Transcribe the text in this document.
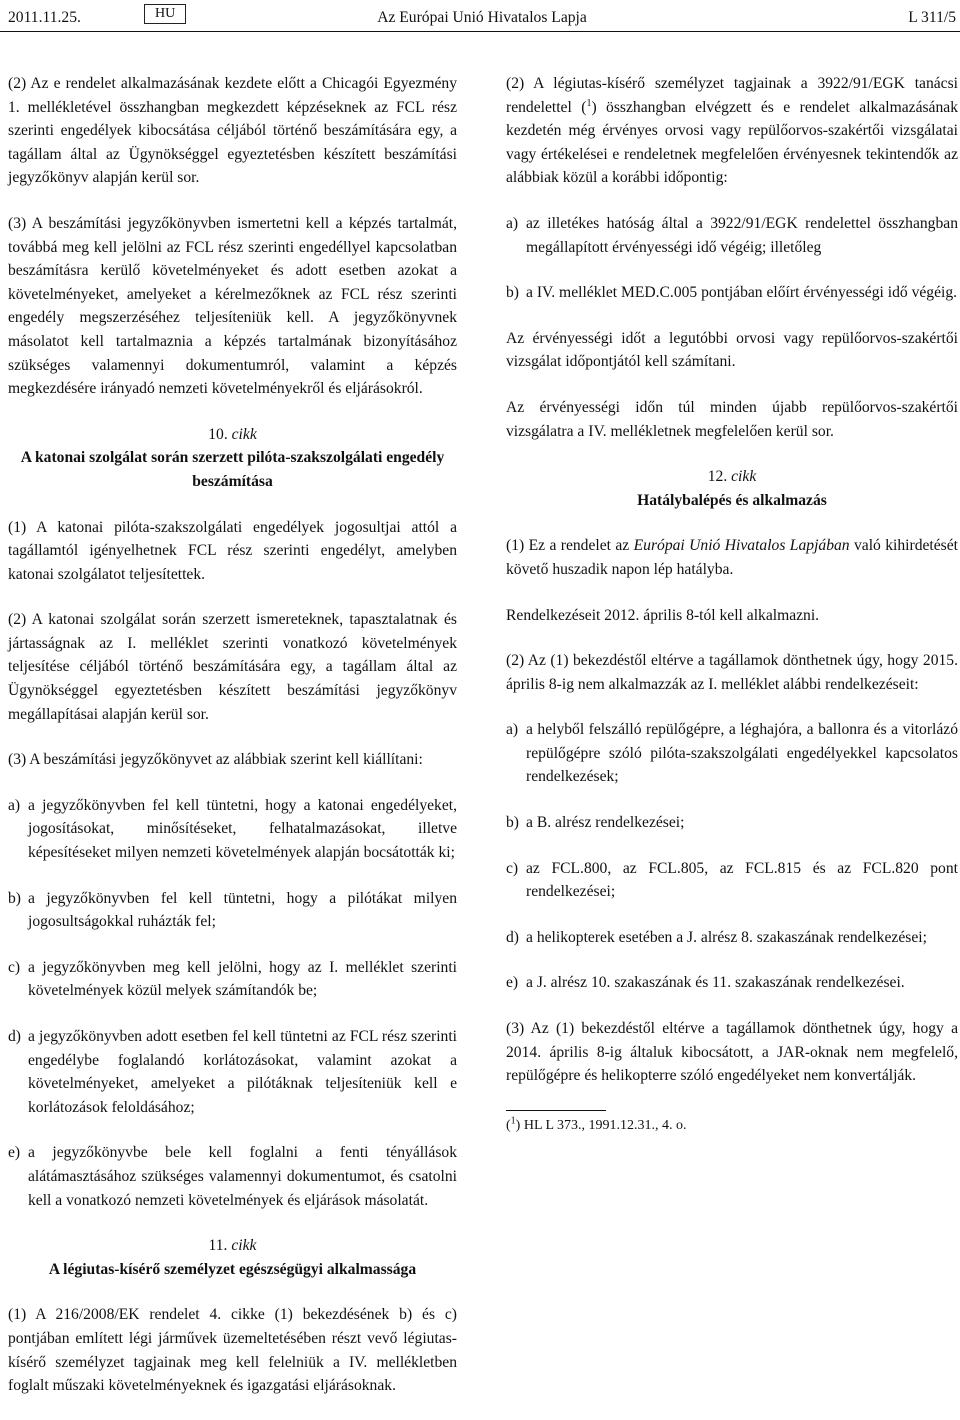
2011.11.25.	HU	Az Európai Unió Hivatalos Lapja	L 311/5

(2) Az e rendelet alkalmazásának kezdete előtt a Chicagói Egyezmény 1. mellékletével összhangban megkezdett képzéseknek az FCL rész szerinti engedélyek kibocsátása céljából történő beszámítására egy, a tagállam által az Ügynökséggel egyeztetésben készített beszámítási jegyzőkönyv alapján kerül sor.

(3) A beszámítási jegyzőkönyvben ismertetni kell a képzés tartalmát, továbbá meg kell jelölni az FCL rész szerinti engedéllyel kapcsolatban beszámításra kerülő követelményeket és adott esetben azokat a követelményeket, amelyeket a kérelmezőknek az FCL rész szerinti engedély megszerzéséhez teljesíteniük kell. A jegyzőkönyvnek másolatot kell tartalmaznia a képzés tartalmának bizonyításához szükséges valamennyi dokumentumról, valamint a képzés megkezdésére irányadó nemzeti követelményekről és eljárásokról.

10. cikk

A katonai szolgálat során szerzett pilóta-szakszolgálati engedély beszámítása

(1) A katonai pilóta-szakszolgálati engedélyek jogosultjai attól a tagállamtól igényelhetnek FCL rész szerinti engedélyt, amelyben katonai szolgálatot teljesítettek.

(2) A katonai szolgálat során szerzett ismereteknek, tapasztalatnak és jártasságnak az I. melléklet szerinti vonatkozó követelmények teljesítése céljából történő beszámítására egy, a tagállam által az Ügynökséggel egyeztetésben készített beszámítási jegyzőkönyv megállapításai alapján kerül sor.

(3) A beszámítási jegyzőkönyvet az alábbiak szerint kell kiállítani:

a) a jegyzőkönyvben fel kell tüntetni, hogy a katonai engedélyeket, jogosításokat, minősítéseket, felhatalmazásokat, illetve képesítéseket milyen nemzeti követelmények alapján bocsátották ki;
b) a jegyzőkönyvben fel kell tüntetni, hogy a pilótákat milyen jogosultságokkal ruházták fel;
c) a jegyzőkönyvben meg kell jelölni, hogy az I. melléklet szerinti követelmények közül melyek számítandók be;
d) a jegyzőkönyvben adott esetben fel kell tüntetni az FCL rész szerinti engedélybe foglalandó korlátozásokat, valamint azokat a követelményeket, amelyeket a pilótáknak teljesíteniük kell e korlátozások feloldásához;
e) a jegyzőkönyvbe bele kell foglalni a fenti tényállások alátámasztásához szükséges valamennyi dokumentumot, és csatolni kell a vonatkozó nemzeti követelmények és eljárások másolatát.

11. cikk

A légiutas-kísérő személyzet egészségügyi alkalmassága

(1) A 216/2008/EK rendelet 4. cikke (1) bekezdésének b) és c) pontjában említett légi járművek üzemeltetésében részt vevő légiutas-kísérő személyzet tagjainak meg kell felelniük a IV. mellékletben foglalt műszaki követelményeknek és igazgatási eljárásoknak.

(2) A légiutas-kísérő személyzet tagjainak a 3922/91/EGK tanácsi rendelettel ($^1$) összhangban elvégzett és e rendelet alkalmazásának kezdetén még érvényes orvosi vagy repülőorvos-szakértői vizsgálatai vagy értékelései e rendeletnek megfelelően érvényesnek tekintendők az alábbiak közül a korábbi időpontig:

a) az illetékes hatóság által a 3922/91/EGK rendelettel összhangban megállapított érvényességi idő végéig; illetőleg
b) a IV. melléklet MED.C.005 pontjában előírt érvényességi idő végéig.

Az érvényességi időt a legutóbbi orvosi vagy repülőorvos-szakértői vizsgálat időpontjától kell számítani.

Az érvényességi időn túl minden újabb repülőorvos-szakértői vizsgálatra a IV. mellékletnek megfelelően kerül sor.

12. cikk

Hatálybalépés és alkalmazás

(1) Ez a rendelet az Európai Unió Hivatalos Lapjában való kihirdetését követő huszadik napon lép hatályba.

Rendelkezéseit 2012. április 8-tól kell alkalmazni.

(2) Az (1) bekezdéstől eltérve a tagállamok dönthetnek úgy, hogy 2015. április 8-ig nem alkalmazzák az I. melléklet alábbi rendelkezéseit:

a) a helyből felszálló repülőgépre, a léghajóra, a ballonra és a vitorlázó repülőgépre szóló pilóta-szakszolgálati engedélyekkel kapcsolatos rendelkezések;
b) a B. alrész rendelkezései;
c) az FCL.800, az FCL.805, az FCL.815 és az FCL.820 pont rendelkezései;
d) a helikopterek esetében a J. alrész 8. szakaszának rendelkezései;
e) a J. alrész 10. szakaszának és 11. szakaszának rendelkezései.

(3) Az (1) bekezdéstől eltérve a tagállamok dönthetnek úgy, hogy a 2014. április 8-ig általuk kibocsátott, a JAR-oknak nem megfelelő, repülőgépre és helikopterre szóló engedélyeket nem konvertálják.

($^1$) HL L 373., 1991.12.31., 4. o.
